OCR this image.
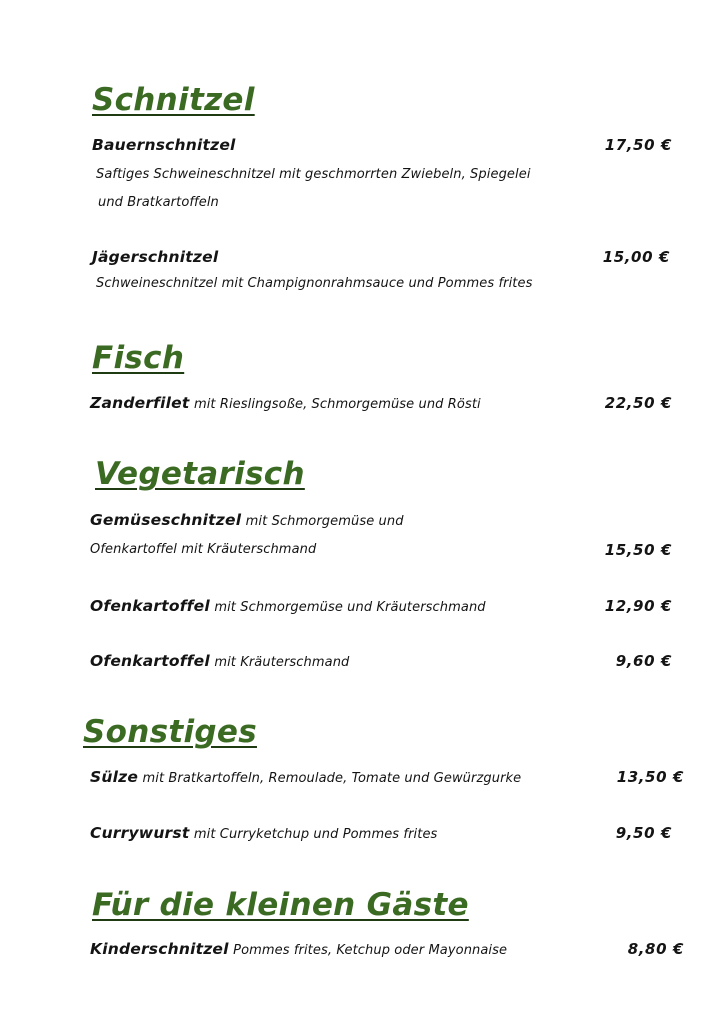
Schnitzel
Bauernschnitzel	17,50 €
Saftiges Schweineschnitzel mit geschmorrten Zwiebeln, Spiegelei
und Bratkartoffeln
Jägerschnitzel	15,00 €
Schweineschnitzel mit Champignonrahmsauce und Pommes frites
Fisch
Zanderfilet mit Rieslingsoße, Schmorgemüse und Rösti	22,50 €
Vegetarisch
Gemüseschnitzel mit Schmorgemüse und
Ofenkartoffel mit Kräuterschmand	15,50 €
Ofenkartoffel mit Schmorgemüse und Kräuterschmand	12,90 €
Ofenkartoffel mit Kräuterschmand	9,60 €
Sonstiges
Sülze mit Bratkartoffeln, Remoulade, Tomate und Gewürzgurke	13,50 €
Currywurst mit Curryketchup und Pommes frites	9,50 €
Für die kleinen Gäste
Kinderschnitzel Pommes frites, Ketchup oder Mayonnaise	8,80 €
